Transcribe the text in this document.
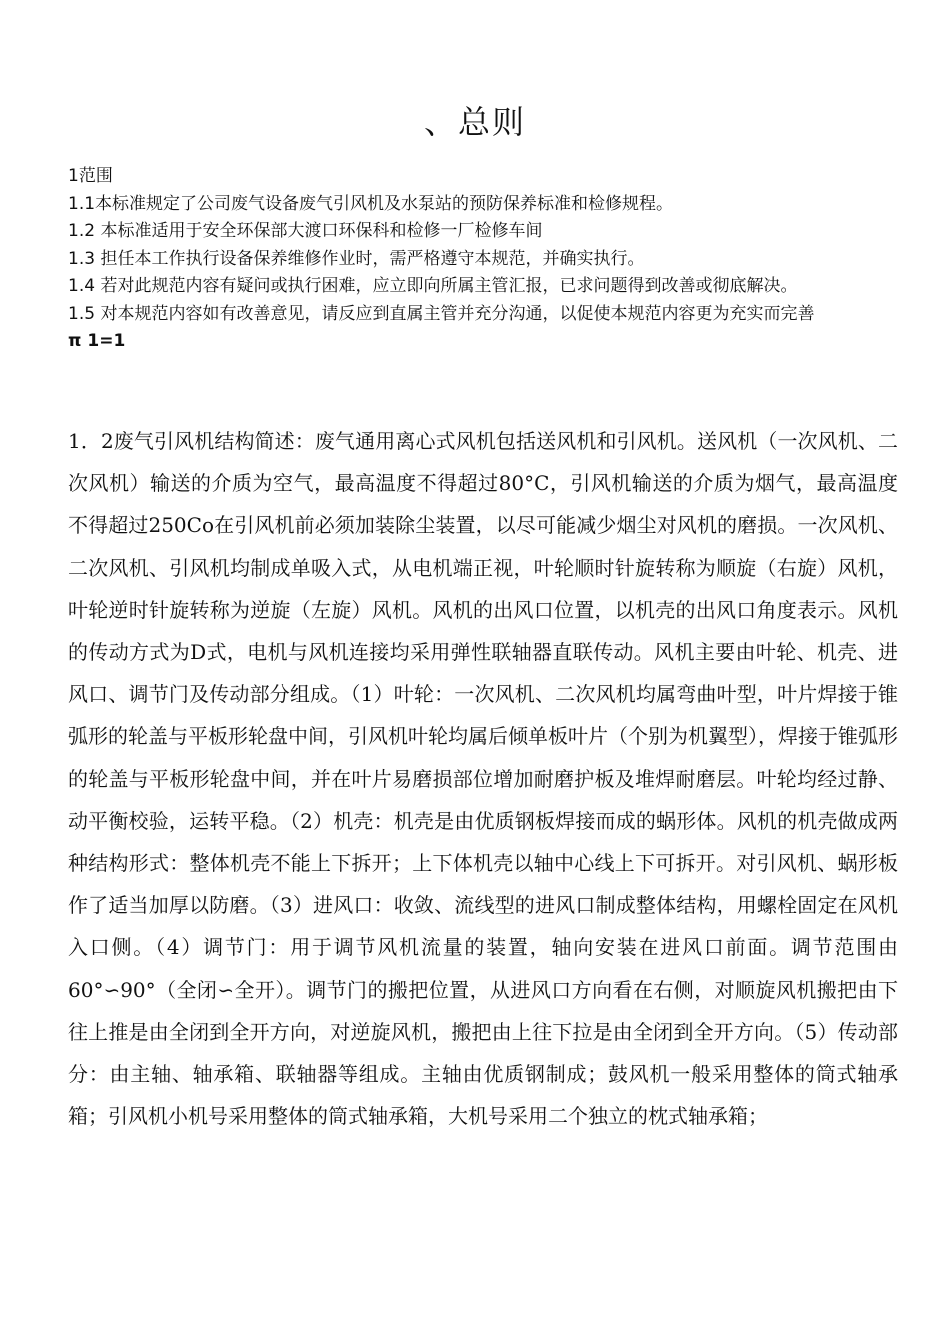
、总则
1范围
1.1本标准规定了公司废气设备废气引风机及水泵站的预防保养标准和检修规程。
1.2 本标准适用于安全环保部大渡口环保科和检修一厂检修车间
1.3 担任本工作执行设备保养维修作业时，需严格遵守本规范，并确实执行。
1.4 若对此规范内容有疑问或执行困难，应立即向所属主管汇报，已求问题得到改善或彻底解决。
1.5 对本规范内容如有改善意见，请反应到直属主管并充分沟通，以促使本规范内容更为充实而完善
π 1=1
1．2废气引风机结构简述：废气通用离心式风机包括送风机和引风机。送风机（一次风机、二次风机）输送的介质为空气，最高温度不得超过80°C，引风机输送的介质为烟气，最高温度不得超过250Co在引风机前必须加装除尘装置，以尽可能减少烟尘对风机的磨损。一次风机、二次风机、引风机均制成单吸入式，从电机端正视，叶轮顺时针旋转称为顺旋（右旋）风机，叶轮逆时针旋转称为逆旋（左旋）风机。风机的出风口位置，以机壳的出风口角度表示。风机的传动方式为D式，电机与风机连接均采用弹性联轴器直联传动。风机主要由叶轮、机壳、进风口、调节门及传动部分组成。（1）叶轮：一次风机、二次风机均属弯曲叶型，叶片焊接于锥弧形的轮盖与平板形轮盘中间，引风机叶轮均属后倾单板叶片（个别为机翼型），焊接于锥弧形的轮盖与平板形轮盘中间，并在叶片易磨损部位增加耐磨护板及堆焊耐磨层。叶轮均经过静、动平衡校验，运转平稳。（2）机壳：机壳是由优质钢板焊接而成的蜗形体。风机的机壳做成两种结构形式：整体机壳不能上下拆开；上下体机壳以轴中心线上下可拆开。对引风机、蜗形板作了适当加厚以防磨。（3）进风口：收敛、流线型的进风口制成整体结构，用螺栓固定在风机入口侧。（4）调节门：用于调节风机流量的装置，轴向安装在进风口前面。调节范围由60°∽90°（全闭∽全开）。调节门的搬把位置，从进风口方向看在右侧，对顺旋风机搬把由下往上推是由全闭到全开方向，对逆旋风机，搬把由上往下拉是由全闭到全开方向。（5）传动部分：由主轴、轴承箱、联轴器等组成。主轴由优质钢制成；鼓风机一般采用整体的筒式轴承箱；引风机小机号采用整体的筒式轴承箱，大机号采用二个独立的枕式轴承箱；
